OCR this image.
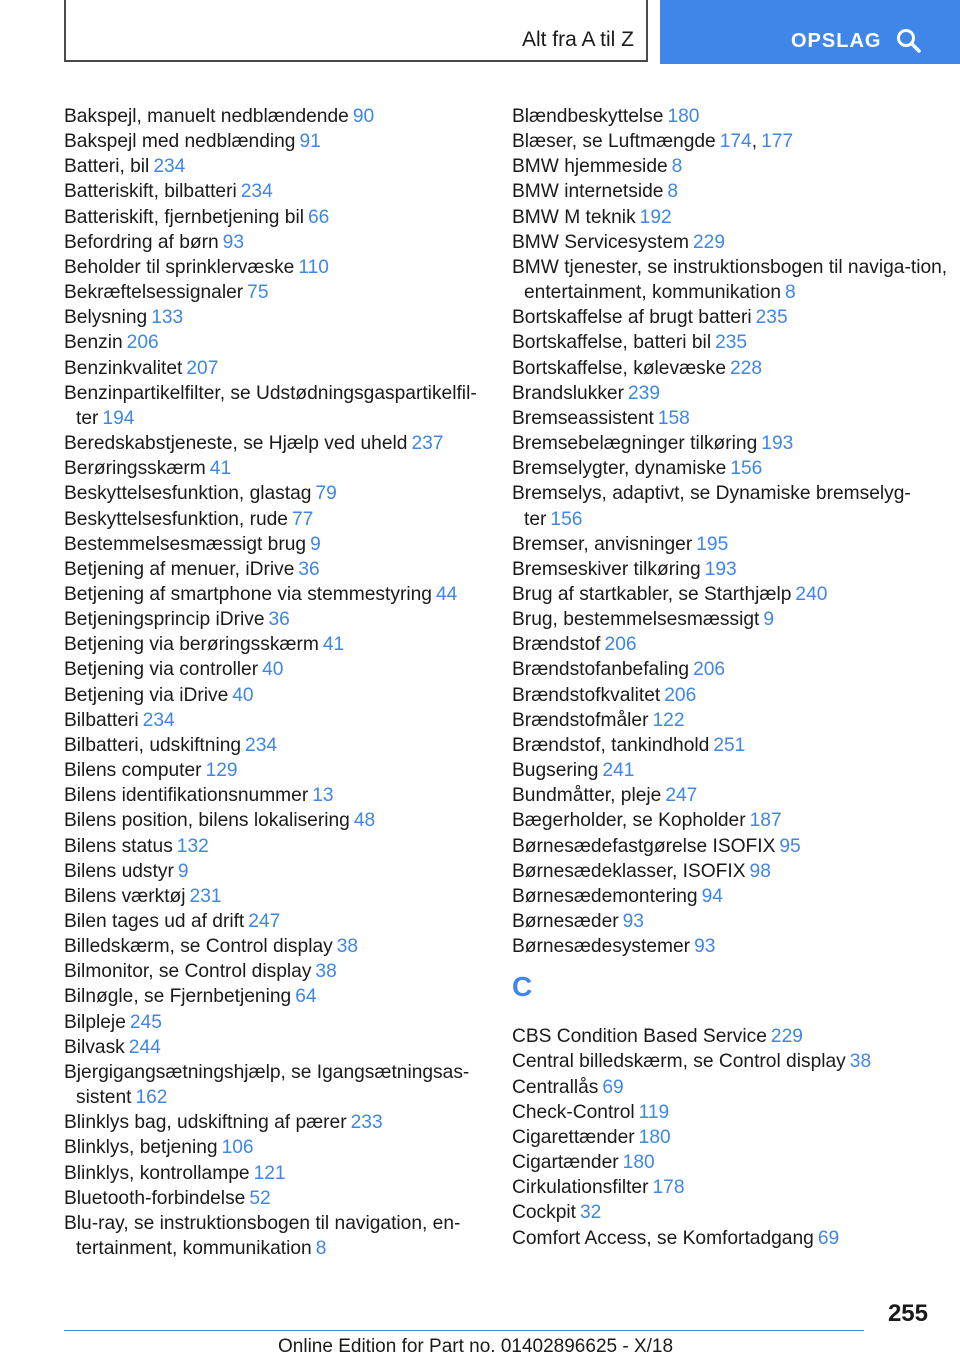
Alt fra A til Z	OPSLAG
Bakspejl, manuelt nedblændende 90
Bakspejl med nedblænding 91
Batteri, bil 234
Batteriskift, bilbatteri 234
Batteriskift, fjernbetjening bil 66
Befordring af børn 93
Beholder til sprinklervæske 110
Bekræftelsessignaler 75
Belysning 133
Benzin 206
Benzinkvalitet 207
Benzinpartikelfilter, se Udstødningsgaspartikelfil‐ter 194
Beredskabstjeneste, se Hjælp ved uheld 237
Berøringsskærm 41
Beskyttelsesfunktion, glastag 79
Beskyttelsesfunktion, rude 77
Bestemmelsesmæssigt brug 9
Betjening af menuer, iDrive 36
Betjening af smartphone via stemmestyring 44
Betjeningsprincip iDrive 36
Betjening via berøringsskærm 41
Betjening via controller 40
Betjening via iDrive 40
Bilbatteri 234
Bilbatteri, udskiftning 234
Bilens computer 129
Bilens identifikationsnummer 13
Bilens position, bilens lokalisering 48
Bilens status 132
Bilens udstyr 9
Bilens værktøj 231
Bilen tages ud af drift 247
Billedskærm, se Control display 38
Bilmonitor, se Control display 38
Bilnøgle, se Fjernbetjening 64
Bilpleje 245
Bilvask 244
Bjergigangsætningshjælp, se Igangsætningsas‐sistent 162
Blinklys bag, udskiftning af pærer 233
Blinklys, betjening 106
Blinklys, kontrollampe 121
Bluetooth-forbindelse 52
Blu-ray, se instruktionsbogen til navigation, en‐tertainment, kommunikation 8
Blændbeskyttelse 180
Blæser, se Luftmængde 174, 177
BMW hjemmeside 8
BMW internetside 8
BMW M teknik 192
BMW Servicesystem 229
BMW tjenester, se instruktionsbogen til naviga‐tion, entertainment, kommunikation 8
Bortskaffelse af brugt batteri 235
Bortskaffelse, batteri bil 235
Bortskaffelse, kølevæske 228
Brandslukker 239
Bremseassistent 158
Bremsebelægninger tilkøring 193
Bremselygter, dynamiske 156
Bremselys, adaptivt, se Dynamiske bremselyg‐ter 156
Bremser, anvisninger 195
Bremseskiver tilkøring 193
Brug af startkabler, se Starthjælp 240
Brug, bestemmelsesmæssigt 9
Brændstof 206
Brændstofanbefaling 206
Brændstofkvalitet 206
Brændstofmåler 122
Brændstof, tankindhold 251
Bugsering 241
Bundmåtter, pleje 247
Bægerholder, se Kopholder 187
Børnesædefastgørelse ISOFIX 95
Børnesædeklasser, ISOFIX 98
Børnesædemontering 94
Børnesæder 93
Børnesædesystemer 93
C
CBS Condition Based Service 229
Central billedskærm, se Control display 38
Centrallås 69
Check-Control 119
Cigarettænder 180
Cigartænder 180
Cirkulationsfilter 178
Cockpit 32
Comfort Access, se Komfortadgang 69
255
Online Edition for Part no. 01402896625 - X/18
